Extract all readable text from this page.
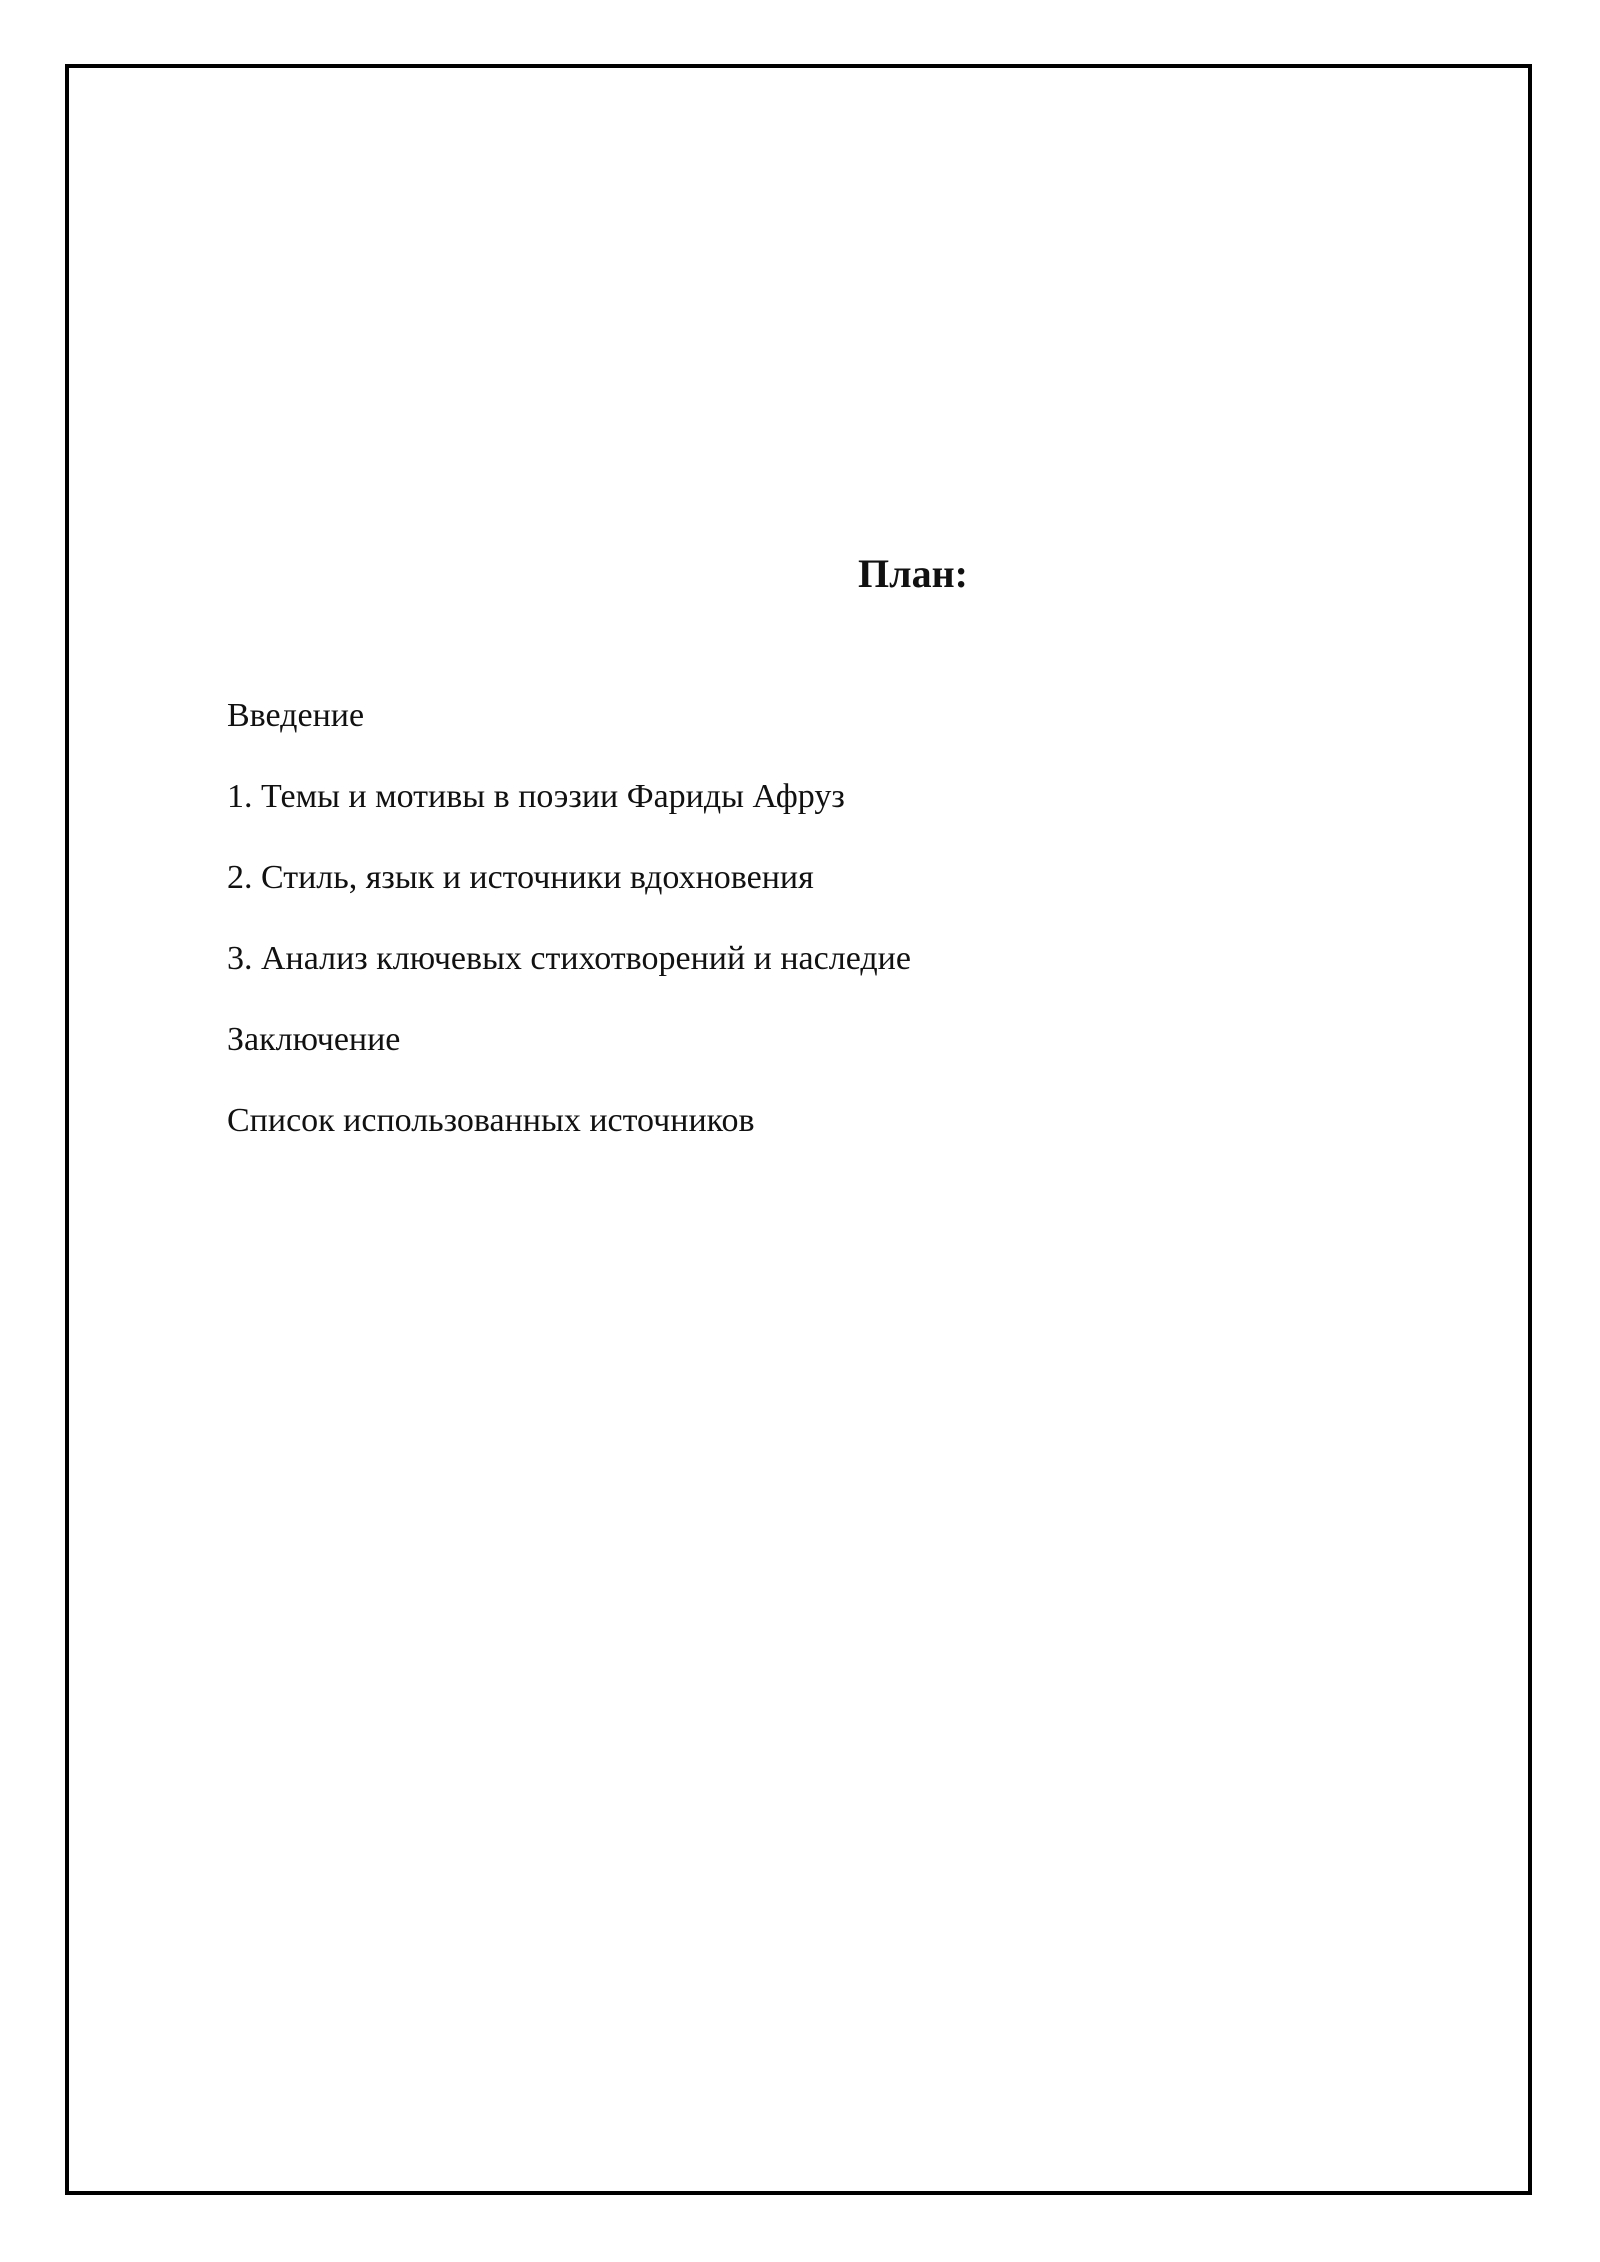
План:
Введение
1. Темы и мотивы в поэзии Фариды Афруз
2. Стиль, язык и источники вдохновения
3. Анализ ключевых стихотворений и наследие
Заключение
Список использованных источников
